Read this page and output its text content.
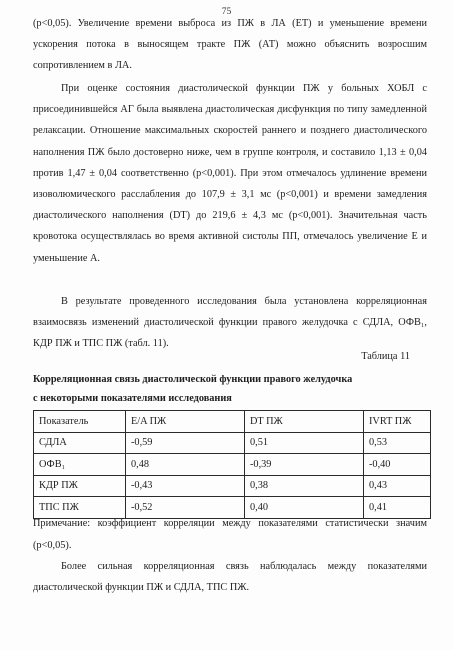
75

(р<0,05). Увеличение времени выброса из ПЖ в ЛА (ЕТ) и уменьшение времени ускорения потока в выносящем тракте ПЖ (АТ) можно объяснить возросшим сопротивлением в ЛА.

При оценке состояния диастолической функции ПЖ у больных ХОБЛ с присоединившейся АГ была выявлена диастолическая дисфункция по типу замедленной релаксации. Отношение максимальных скоростей раннего и позднего диастолического наполнения ПЖ было достоверно ниже, чем в группе контроля, и составило 1,13 ± 0,04 против 1,47 ± 0,04 соответственно (р<0,001). При этом отмечалось удлинение времени изоволюмического расслабления до 107,9 ± 3,1 мс (р<0,001) и времени замедления диастолического наполнения (DT) до 219,6 ± 4,3 мс (р<0,001). Значительная часть кровотока осуществлялась во время активной систолы ПП, отмечалось увеличение Е и уменьшение А.

В результате проведенного исследования была установлена корреляционная взаимосвязь изменений диастолической функции правого желудочка с СДЛА, ОФВ₁, КДР ПЖ и ТПС ПЖ (табл. 11).

Таблица 11

Корреляционная связь диастолической функции правого желудочка

с некоторыми показателями исследования

Показатель	E/A ПЖ	DT ПЖ	IVRT ПЖ
СДЛА	-0,59	0,51	0,53
ОФВ₁	0,48	-0,39	-0,40
КДР ПЖ	-0,43	0,38	0,43
ТПС ПЖ	-0,52	0,40	0,41

Примечание: коэффициент корреляции между показателями статистически значим (р<0,05).

Более сильная корреляционная связь наблюдалась между показателями диастолической функции ПЖ и СДЛА, ТПС ПЖ.
